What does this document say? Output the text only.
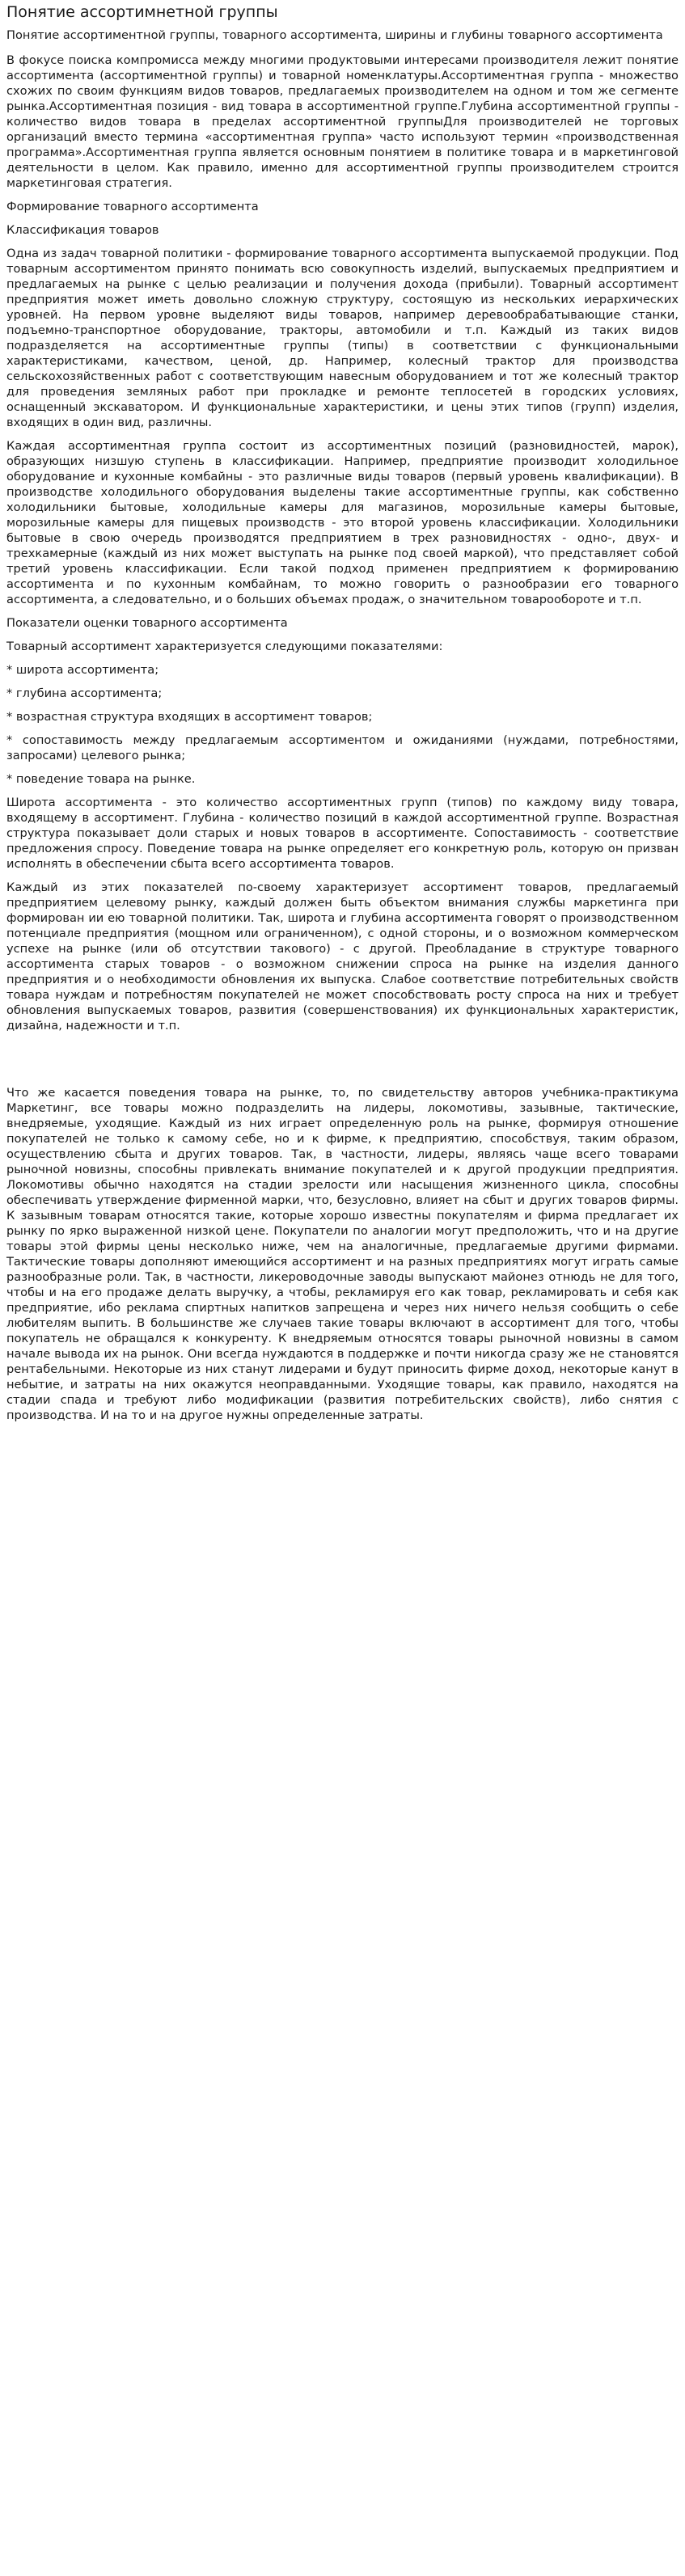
Понятие ассортимнетной группы

Понятие ассортиментной группы, товарного ассортимента, ширины и глубины товарного ассортимента

В фокусе поиска компромисса между многими продуктовыми интересами производителя лежит понятие ассортимента (ассортиментной группы) и товарной номенклатуры.Ассортиментная группа - множество схожих по своим функциям видов товаров, предлагаемых производителем на одном и том же сегменте рынка.Ассортиментная позиция - вид товара в ассортиментной группе.Глубина ассортиментной группы - количество видов товара в пределах ассортиментной группыДля производителей не торговых организаций вместо термина «ассортиментная группа» часто используют термин «производственная программа».Ассортиментная группа является основным понятием в политике товара и в маркетинговой деятельности в целом. Как правило, именно для ассортиментной группы производителем строится маркетинговая стратегия.

Формирование товарного ассортимента

Классификация товаров

Одна из задач товарной политики - формирование товарного ассортимента выпускаемой продукции. Под товарным ассортиментом принято понимать всю совокупность изделий, выпускаемых предприятием и предлагаемых на рынке с целью реализации и получения дохода (прибыли). Товарный ассортимент предприятия может иметь довольно сложную структуру, состоящую из нескольких иерархических уровней. На первом уровне выделяют виды товаров, например деревообрабатывающие станки, подъемно-транспортное оборудование, тракторы, автомобили и т.п. Каждый из таких видов подразделяется на ассортиментные группы (типы) в соответствии с функциональными характеристиками, качеством, ценой, др. Например, колесный трактор для производства сельскохозяйственных работ с соответствующим навесным оборудованием и тот же колесный трактор для проведения земляных работ при прокладке и ремонте теплосетей в городских условиях, оснащенный экскаватором. И функциональные характеристики, и цены этих типов (групп) изделия, входящих в один вид, различны.

Каждая ассортиментная группа состоит из ассортиментных позиций (разновидностей, марок), образующих низшую ступень в классификации. Например, предприятие производит холодильное оборудование и кухонные комбайны - это различные виды товаров (первый уровень квалификации). В производстве холодильного оборудования выделены такие ассортиментные группы, как собственно холодильники бытовые, холодильные камеры для магазинов, морозильные камеры бытовые, морозильные камеры для пищевых производств - это второй уровень классификации. Холодильники бытовые в свою очередь производятся предприятием в трех разновидностях - одно-, двух- и трехкамерные (каждый из них может выступать на рынке под своей маркой), что представляет собой третий уровень классификации. Если такой подход применен предприятием к формированию ассортимента и по кухонным комбайнам, то можно говорить о разнообразии его товарного ассортимента, а следовательно, и о больших объемах продаж, о значительном товарообороте и т.п.

Показатели оценки товарного ассортимента

Товарный ассортимент характеризуется следующими показателями:

* широта ассортимента;

* глубина ассортимента;

* возрастная структура входящих в ассортимент товаров;

* сопоставимость между предлагаемым ассортиментом и ожиданиями (нуждами, потребностями, запросами) целевого рынка;

* поведение товара на рынке.

Широта ассортимента - это количество ассортиментных групп (типов) по каждому виду товара, входящему в ассортимент. Глубина - количество позиций в каждой ассортиментной группе. Возрастная структура показывает доли старых и новых товаров в ассортименте. Сопоставимость - соответствие предложения спросу. Поведение товара на рынке определяет его конкретную роль, которую он призван исполнять в обеспечении сбыта всего ассортимента товаров.

Каждый из этих показателей по-своему характеризует ассортимент товаров, предлагаемый предприятием целевому рынку, каждый должен быть объектом внимания службы маркетинга при формирован ии ею товарной политики. Так, широта и глубина ассортимента говорят о производственном потенциале предприятия (мощном или ограниченном), с одной стороны, и о возможном коммерческом успехе на рынке (или об отсутствии такового) - с другой. Преобладание в структуре товарного ассортимента старых товаров - о возможном снижении спроса на рынке на изделия данного предприятия и о необходимости обновления их выпуска. Слабое соответствие потребительных свойств товара нуждам и потребностям покупателей не может способствовать росту спроса на них и требует обновления выпускаемых товаров, развития (совершенствования) их функциональных характеристик, дизайна, надежности и т.п.

Что же касается поведения товара на рынке, то, по свидетельству авторов учебника-практикума Маркетинг, все товары можно подразделить на лидеры, локомотивы, зазывные, тактические, внедряемые, уходящие. Каждый из них играет определенную роль на рынке, формируя отношение покупателей не только к самому себе, но и к фирме, к предприятию, способствуя, таким образом, осуществлению сбыта и других товаров. Так, в частности, лидеры, являясь чаще всего товарами рыночной новизны, способны привлекать внимание покупателей и к другой продукции предприятия. Локомотивы обычно находятся на стадии зрелости или насыщения жизненного цикла, способны обеспечивать утверждение фирменной марки, что, безусловно, влияет на сбыт и других товаров фирмы. К зазывным товарам относятся такие, которые хорошо известны покупателям и фирма предлагает их рынку по ярко выраженной низкой цене. Покупатели по аналогии могут предположить, что и на другие товары этой фирмы цены несколько ниже, чем на аналогичные, предлагаемые другими фирмами. Тактические товары дополняют имеющийся ассортимент и на разных предприятиях могут играть самые разнообразные роли. Так, в частности, ликероводочные заводы выпускают майонез отнюдь не для того, чтобы и на его продаже делать выручку, а чтобы, рекламируя его как товар, рекламировать и себя как предприятие, ибо реклама спиртных напитков запрещена и через них ничего нельзя сообщить о себе любителям выпить. В большинстве же случаев такие товары включают в ассортимент для того, чтобы покупатель не обращался к конкуренту. К внедряемым относятся товары рыночной новизны в самом начале вывода их на рынок. Они всегда нуждаются в поддержке и почти никогда сразу же не становятся рентабельными. Некоторые из них станут лидерами и будут приносить фирме доход, некоторые канут в небытие, и затраты на них окажутся неоправданными. Уходящие товары, как правило, находятся на стадии спада и требуют либо модификации (развития потребительских свойств), либо снятия с производства. И на то и на другое нужны определенные затраты.
